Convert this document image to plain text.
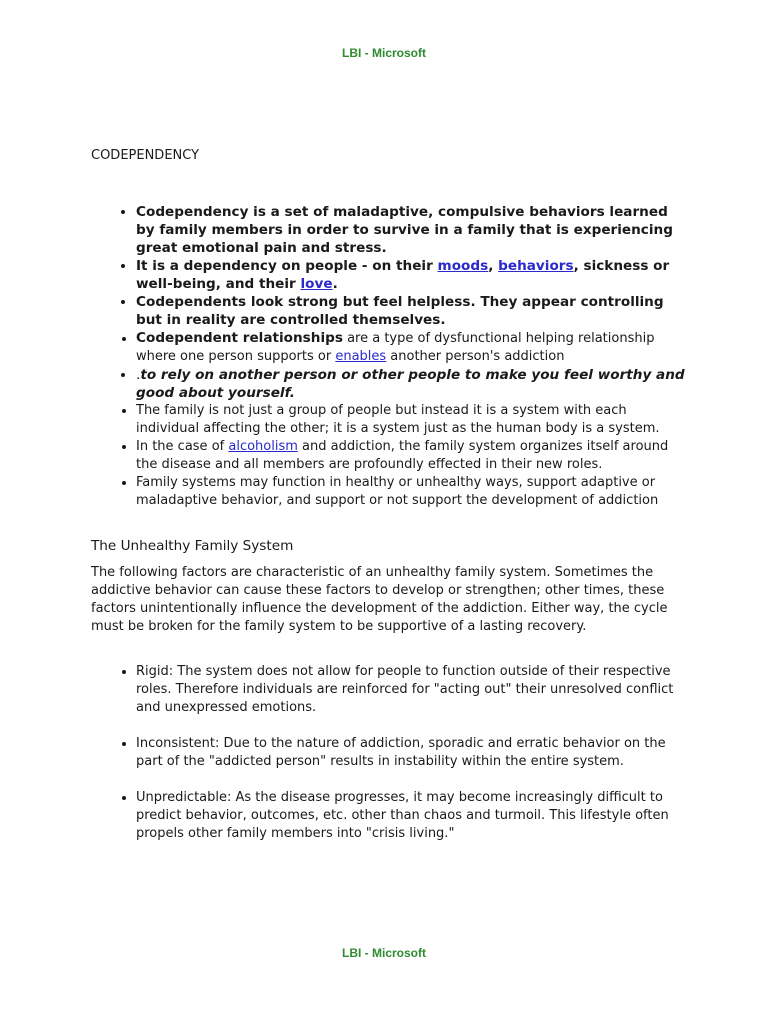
LBI - Microsoft

CODEPENDENCY

• Codependency is a set of maladaptive, compulsive behaviors learned by family members in order to survive in a family that is experiencing great emotional pain and stress.
• It is a dependency on people - on their moods, behaviors, sickness or well-being, and their love.
• Codependents look strong but feel helpless. They appear controlling but in reality are controlled themselves.
• Codependent relationships are a type of dysfunctional helping relationship where one person supports or enables another person's addiction
• .to rely on another person or other people to make you feel worthy and good about yourself.
• The family is not just a group of people but instead it is a system with each individual affecting the other; it is a system just as the human body is a system.
• In the case of alcoholism and addiction, the family system organizes itself around the disease and all members are profoundly effected in their new roles.
• Family systems may function in healthy or unhealthy ways, support adaptive or maladaptive behavior, and support or not support the development of addiction

The Unhealthy Family System

The following factors are characteristic of an unhealthy family system. Sometimes the addictive behavior can cause these factors to develop or strengthen; other times, these factors unintentionally influence the development of the addiction. Either way, the cycle must be broken for the family system to be supportive of a lasting recovery.

• Rigid: The system does not allow for people to function outside of their respective roles. Therefore individuals are reinforced for "acting out" their unresolved conflict and unexpressed emotions.
• Inconsistent: Due to the nature of addiction, sporadic and erratic behavior on the part of the "addicted person" results in instability within the entire system.
• Unpredictable: As the disease progresses, it may become increasingly difficult to predict behavior, outcomes, etc. other than chaos and turmoil. This lifestyle often propels other family members into "crisis living."
LBI - Microsoft
